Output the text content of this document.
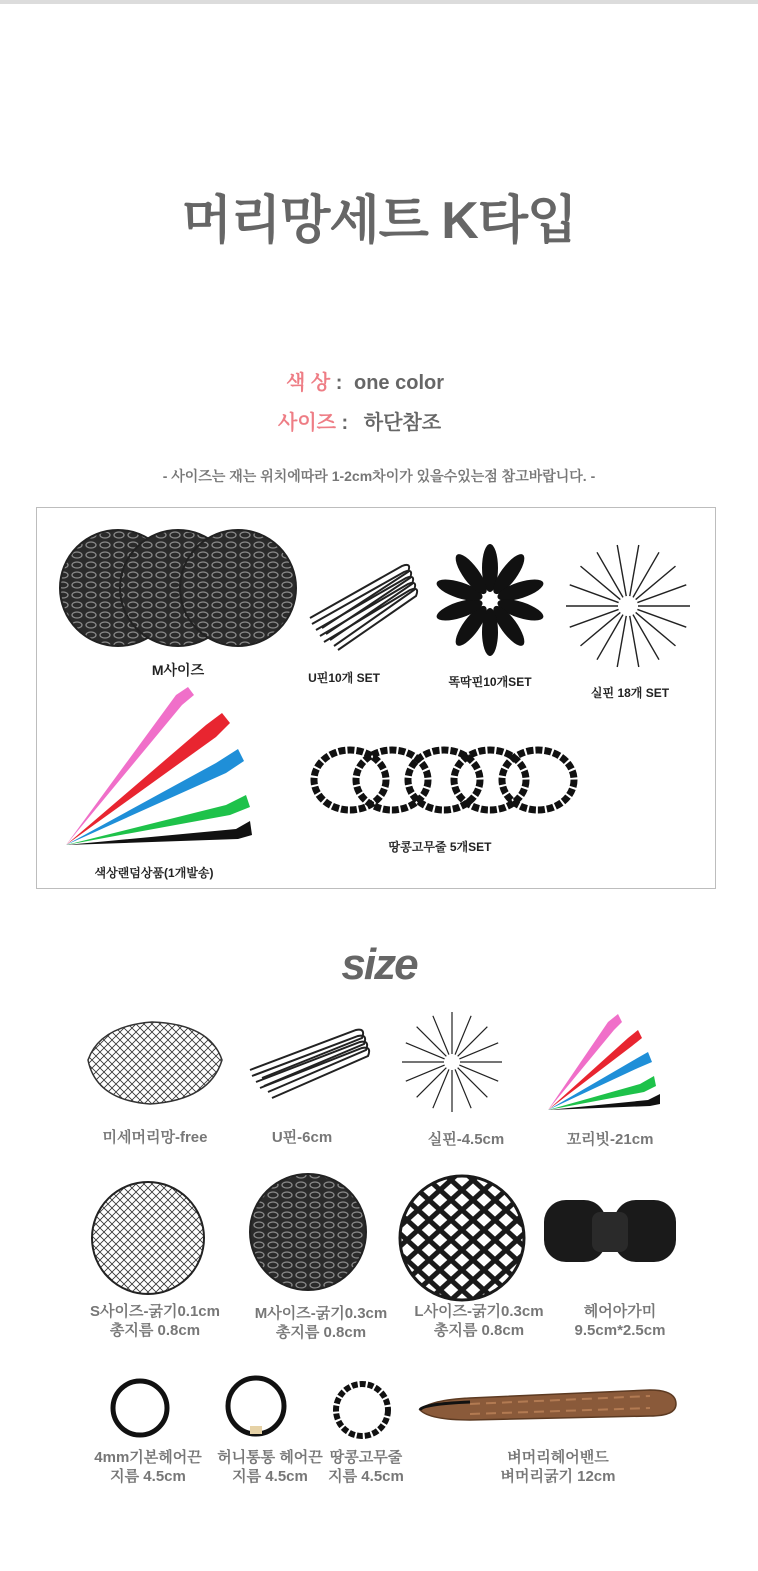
머리망세트 K타입
색 상 : one color
사이즈 : 하단참조
- 사이즈는 재는 위치에따라 1-2cm차이가 있을수있는점 참고바랍니다. -
M사이즈	U핀10개 SET	똑딱핀10개SET
실핀 18개 SET
색상랜덤상품(1개발송)
땅콩고무줄 5개SET
size
미세머리망-free	U핀-6cm	실핀-4.5cm	꼬리빗-21cm
S사이즈-굵기0.1cm
총지름 0.8cm
M사이즈-굵기0.3cm
총지름 0.8cm
L사이즈-굵기0.3cm
총지름 0.8cm
헤어아가미
9.5cm*2.5cm
4mm기본헤어끈
지름 4.5cm
허니통통 헤어끈
지름 4.5cm
땅콩고무줄
지름 4.5cm
벼머리헤어밴드
벼머리굵기 12cm
